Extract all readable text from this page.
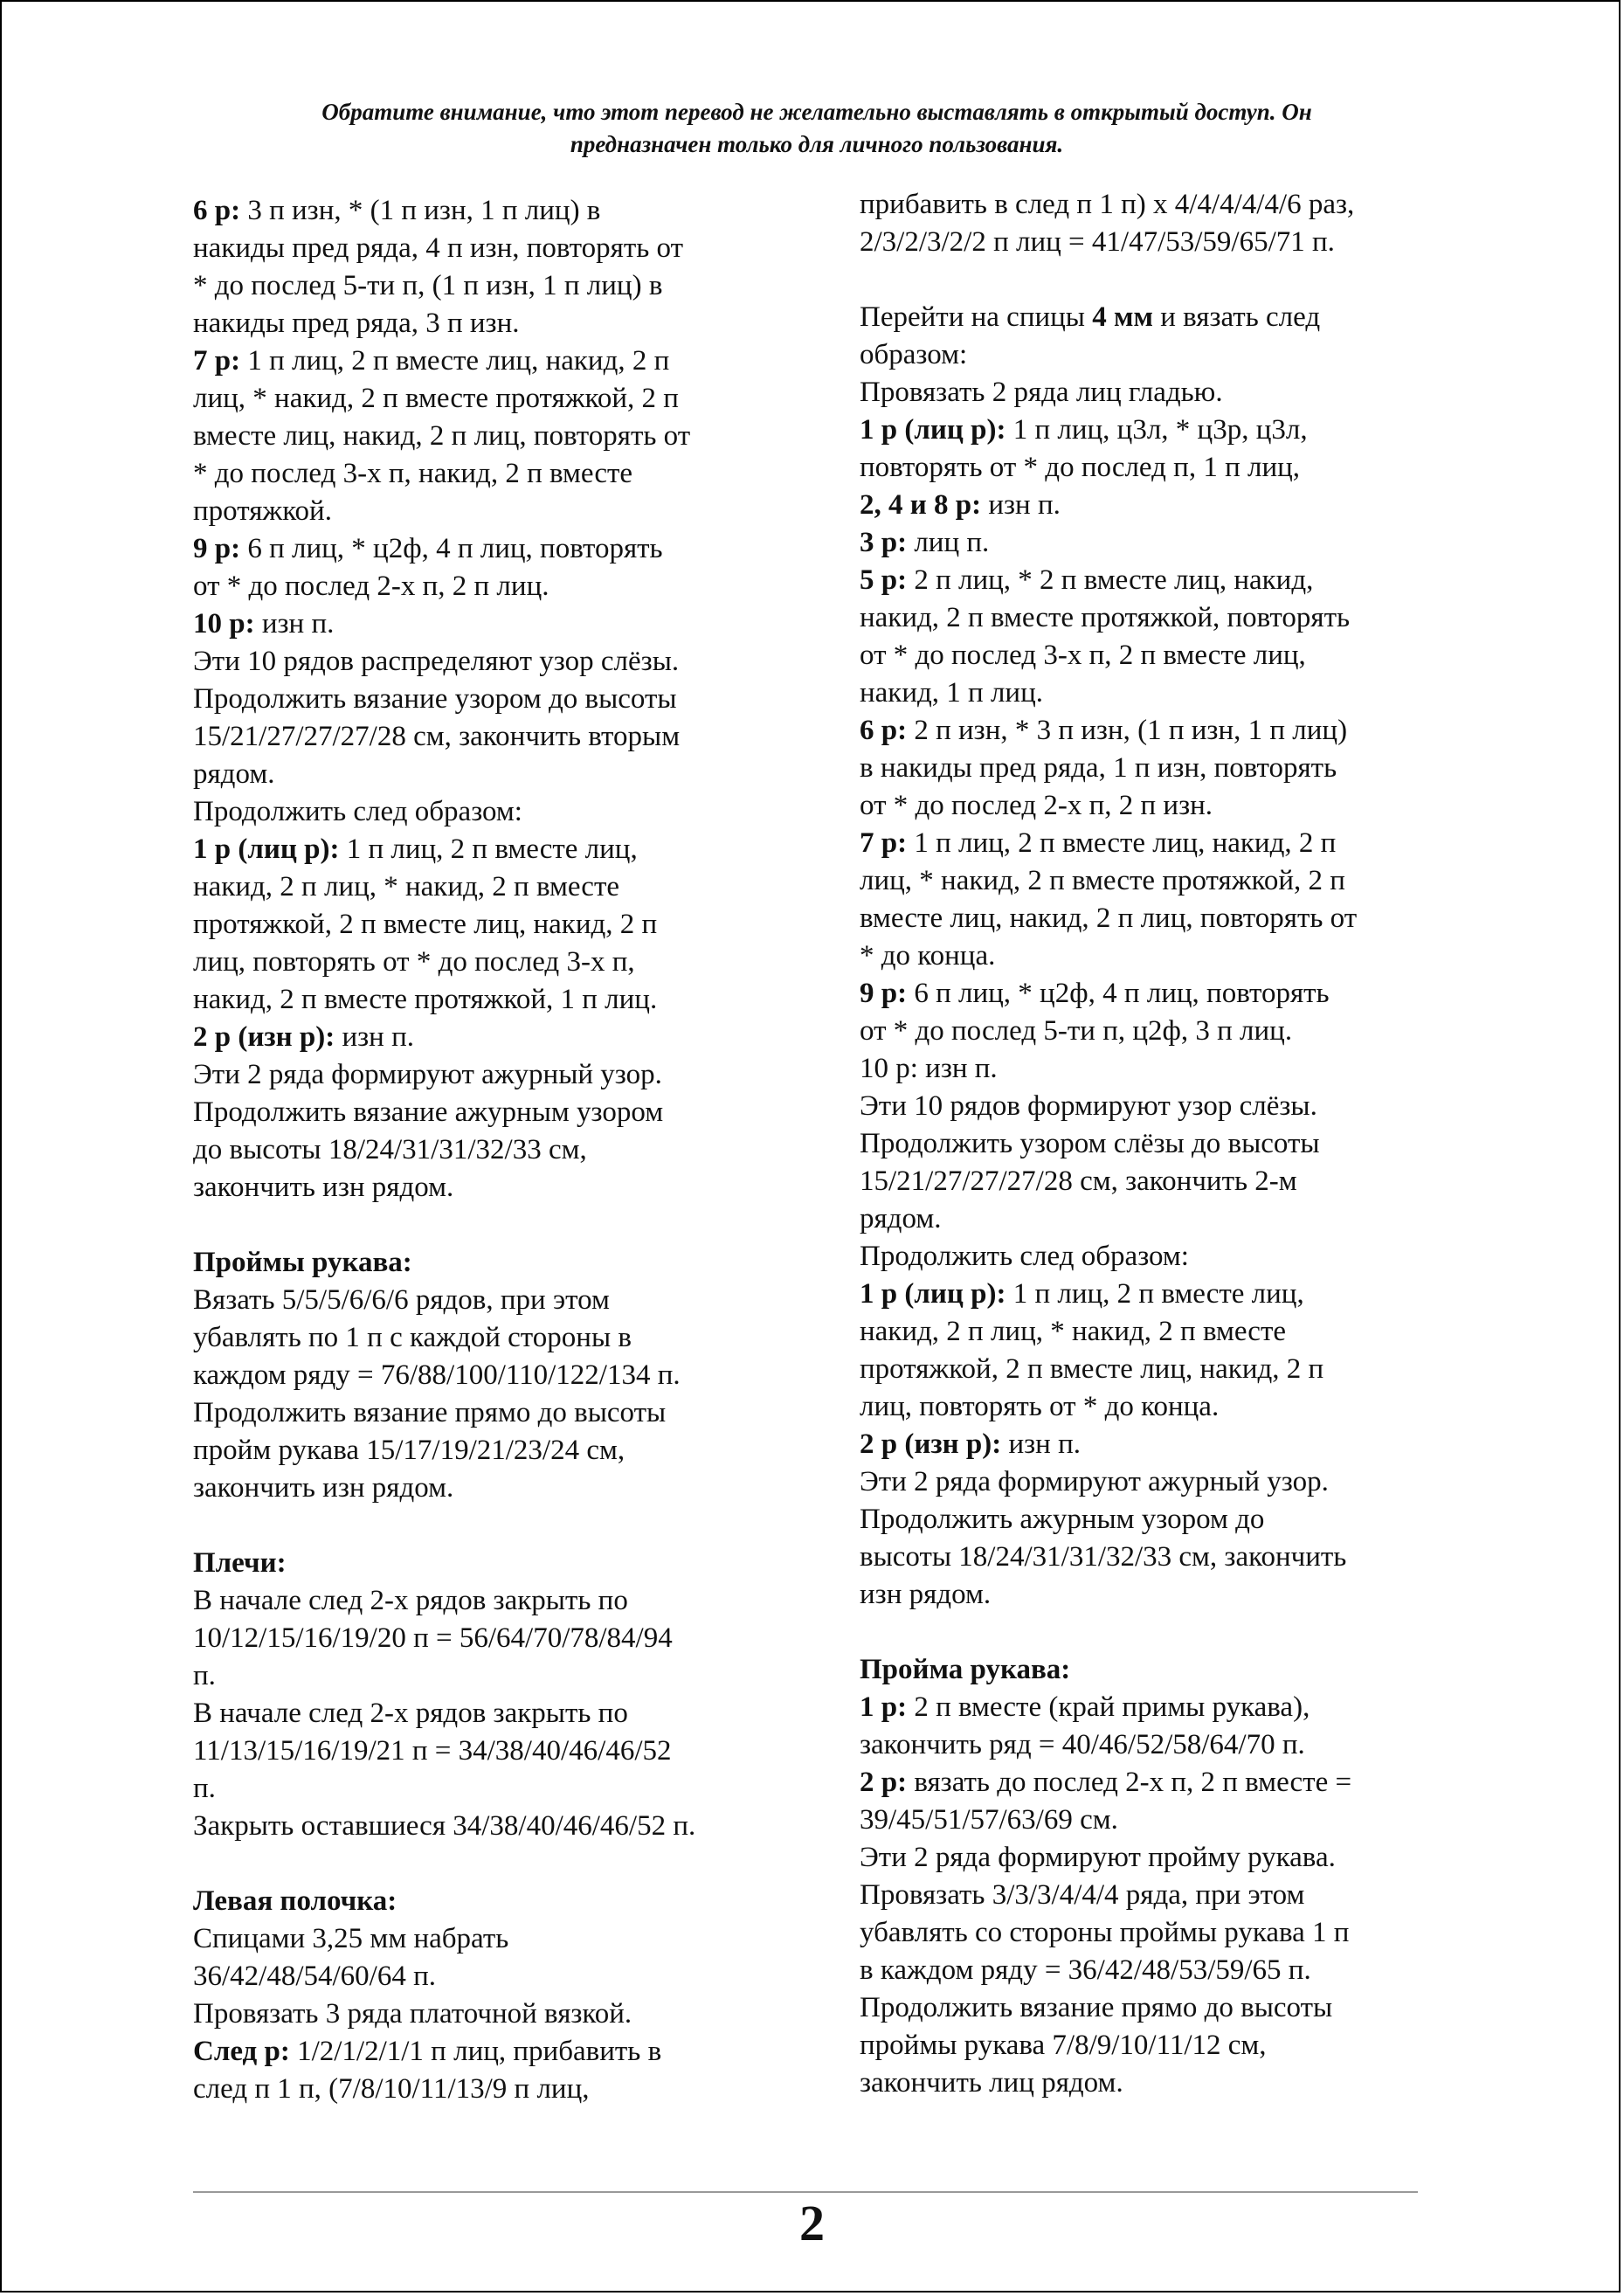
Обратите внимание, что этот перевод не желательно выставлять в открытый доступ. Он
предназначен только для личного пользования.
6 р: 3 п изн, * (1 п изн, 1 п лиц) в
накиды пред ряда, 4 п изн, повторять от
* до послед 5-ти п, (1 п изн, 1 п лиц) в
накиды пред ряда, 3 п изн.
7 р: 1 п лиц, 2 п вместе лиц, накид, 2 п
лиц, * накид, 2 п вместе протяжкой, 2 п
вместе лиц, накид, 2 п лиц, повторять от
* до послед 3-х п, накид, 2 п вместе
протяжкой.
9 р: 6 п лиц, * ц2ф, 4 п лиц, повторять
от * до послед 2-х п, 2 п лиц.
10 р: изн п.
Эти 10 рядов распределяют узор слёзы.
Продолжить вязание узором до высоты
15/21/27/27/27/28 см, закончить вторым
рядом.
Продолжить след образом:
1 р (лиц р): 1 п лиц, 2 п вместе лиц,
накид, 2 п лиц, * накид, 2 п вместе
протяжкой, 2 п вместе лиц, накид, 2 п
лиц, повторять от * до послед 3-х п,
накид, 2 п вместе протяжкой, 1 п лиц.
2 р (изн р): изн п.
Эти 2 ряда формируют ажурный узор.
Продолжить вязание ажурным узором
до высоты 18/24/31/31/32/33 см,
закончить изн рядом.
Проймы рукава:
Вязать 5/5/5/6/6/6 рядов, при этом
убавлять по 1 п с каждой стороны в
каждом ряду = 76/88/100/110/122/134 п.
Продолжить вязание прямо до высоты
пройм рукава 15/17/19/21/23/24 см,
закончить изн рядом.
Плечи:
В начале след 2-х рядов закрыть по
10/12/15/16/19/20 п = 56/64/70/78/84/94
п.
В начале след 2-х рядов закрыть по
11/13/15/16/19/21 п = 34/38/40/46/46/52
п.
Закрыть оставшиеся 34/38/40/46/46/52 п.
Левая полочка:
Спицами 3,25 мм набрать
36/42/48/54/60/64 п.
Провязать 3 ряда платочной вязкой.
След р: 1/2/1/2/1/1 п лиц, прибавить в
след п 1 п, (7/8/10/11/13/9 п лиц,
прибавить в след п 1 п) х 4/4/4/4/4/6 раз,
2/3/2/3/2/2 п лиц = 41/47/53/59/65/71 п.
Перейти на спицы 4 мм и вязать след
образом:
Провязать 2 ряда лиц гладью.
1 р (лиц р): 1 п лиц, ц3л, * ц3р, ц3л,
повторять от * до послед п, 1 п лиц,
2, 4 и 8 р: изн п.
3 р: лиц п.
5 р: 2 п лиц, * 2 п вместе лиц, накид,
накид, 2 п вместе протяжкой, повторять
от * до послед 3-х п, 2 п вместе лиц,
накид, 1 п лиц.
6 р: 2 п изн, * 3 п изн, (1 п изн, 1 п лиц)
в накиды пред ряда, 1 п изн, повторять
от * до послед 2-х п, 2 п изн.
7 р: 1 п лиц, 2 п вместе лиц, накид, 2 п
лиц, * накид, 2 п вместе протяжкой, 2 п
вместе лиц, накид, 2 п лиц, повторять от
* до конца.
9 р: 6 п лиц, * ц2ф, 4 п лиц, повторять
от * до послед 5-ти п, ц2ф, 3 п лиц.
10 р: изн п.
Эти 10 рядов формируют узор слёзы.
Продолжить узором слёзы до высоты
15/21/27/27/27/28 см, закончить 2-м
рядом.
Продолжить след образом:
1 р (лиц р): 1 п лиц, 2 п вместе лиц,
накид, 2 п лиц, * накид, 2 п вместе
протяжкой, 2 п вместе лиц, накид, 2 п
лиц, повторять от * до конца.
2 р (изн р): изн п.
Эти 2 ряда формируют ажурный узор.
Продолжить ажурным узором до
высоты 18/24/31/31/32/33 см, закончить
изн рядом.
Пройма рукава:
1 р: 2 п вместе (край примы рукава),
закончить ряд = 40/46/52/58/64/70 п.
2 р: вязать до послед 2-х п, 2 п вместе =
39/45/51/57/63/69 см.
Эти 2 ряда формируют пройму рукава.
Провязать 3/3/3/4/4/4 ряда, при этом
убавлять со стороны проймы рукава 1 п
в каждом ряду = 36/42/48/53/59/65 п.
Продолжить вязание прямо до высоты
проймы рукава 7/8/9/10/11/12 см,
закончить лиц рядом.
2
